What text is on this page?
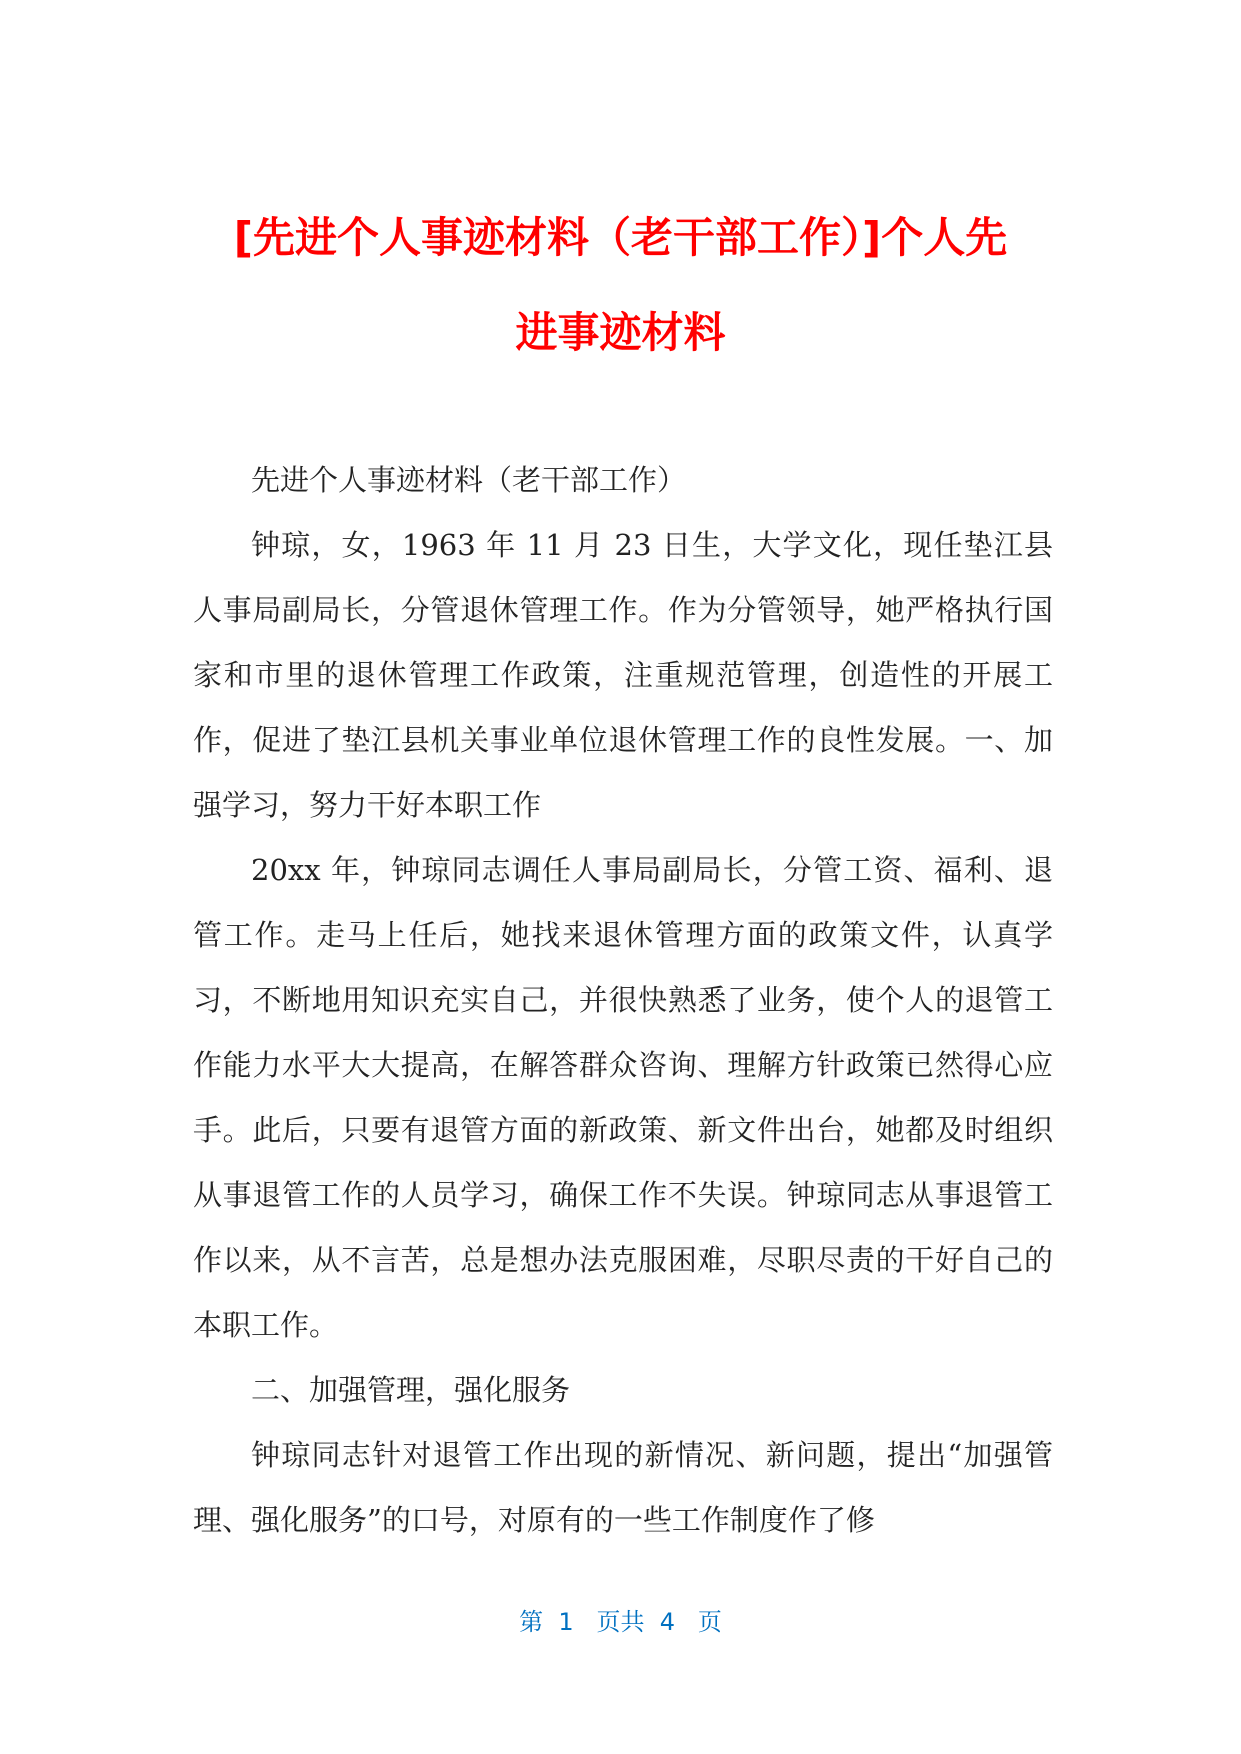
[先进个人事迹材料（老干部工作）]个人先
进事迹材料

先进个人事迹材料（老干部工作）

钟琼，女，1963 年 11 月 23 日生，大学文化，现任垫江县人事局副局长，分管退休管理工作。作为分管领导，她严格执行国家和市里的退休管理工作政策，注重规范管理，创造性的开展工作，促进了垫江县机关事业单位退休管理工作的良性发展。一、加强学习，努力干好本职工作

20xx 年，钟琼同志调任人事局副局长，分管工资、福利、退管工作。走马上任后，她找来退休管理方面的政策文件，认真学习，不断地用知识充实自己，并很快熟悉了业务，使个人的退管工作能力水平大大提高，在解答群众咨询、理解方针政策已然得心应手。此后，只要有退管方面的新政策、新文件出台，她都及时组织从事退管工作的人员学习，确保工作不失误。钟琼同志从事退管工作以来，从不言苦，总是想办法克服困难，尽职尽责的干好自己的本职工作。

二、加强管理，强化服务

钟琼同志针对退管工作出现的新情况、新问题，提出“加强管理、强化服务”的口号，对原有的一些工作制度作了修

第  1   页共  4   页
